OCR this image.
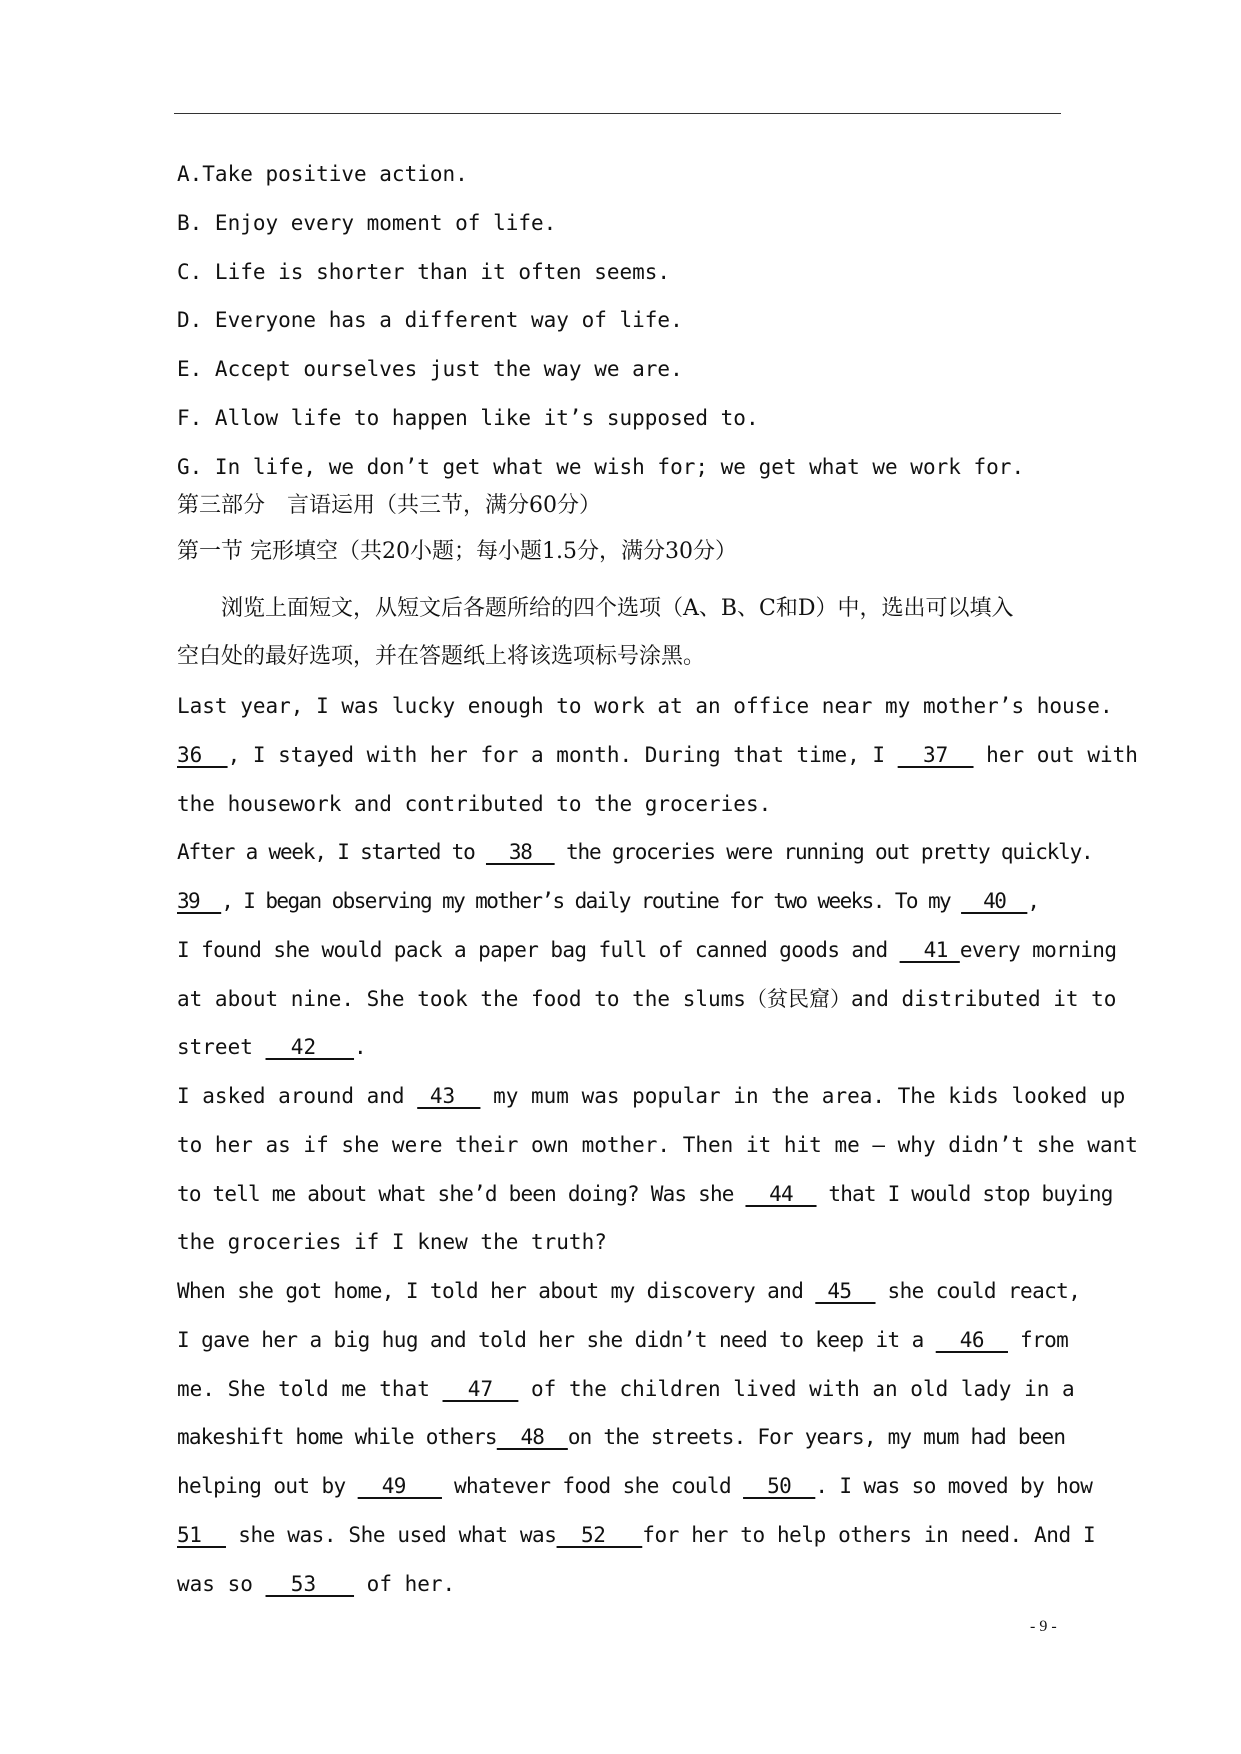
A.Take positive action.
B. Enjoy every moment of life.
C. Life is shorter than it often seems.
D. Everyone has a different way of life.
E. Accept ourselves just the way we are.
F. Allow life to happen like it’s supposed to.
G. In life, we don’t get what we wish for; we get what we work for.
第三部分　言语运用（共三节，满分60分）
第一节 完形填空（共20小题；每小题1.5分，满分30分）
　　浏览上面短文，从短文后各题所给的四个选项（A、B、C和D）中，选出可以填入
空白处的最好选项，并在答题纸上将该选项标号涂黑。
Last year, I was lucky enough to work at an office near my mother’s house.
36  , I stayed with her for a month. During that time, I   37   her out with
the housework and contributed to the groceries.
After a week, I started to   38   the groceries were running out pretty quickly.
39  , I began observing my mother’s daily routine for two weeks. To my   40  ,
I found she would pack a paper bag full of canned goods and   41 every morning
at about nine. She took the food to the slums（贫民窟）and distributed it to
street   42   .
I asked around and  43   my mum was popular in the area. The kids looked up
to her as if she were their own mother. Then it hit me — why didn’t she want
to tell me about what she’d been doing? Was she   44   that I would stop buying
the groceries if I knew the truth?
When she got home, I told her about my discovery and  45   she could react,
I gave her a big hug and told her she didn’t need to keep it a   46   from
me. She told me that   47   of the children lived with an old lady in a
makeshift home while others  48  on the streets. For years, my mum had been
helping out by   49    whatever food she could   50  . I was so moved by how
51   she was. She used what was  52   for her to help others in need. And I
was so   53    of her.
- 9 -
